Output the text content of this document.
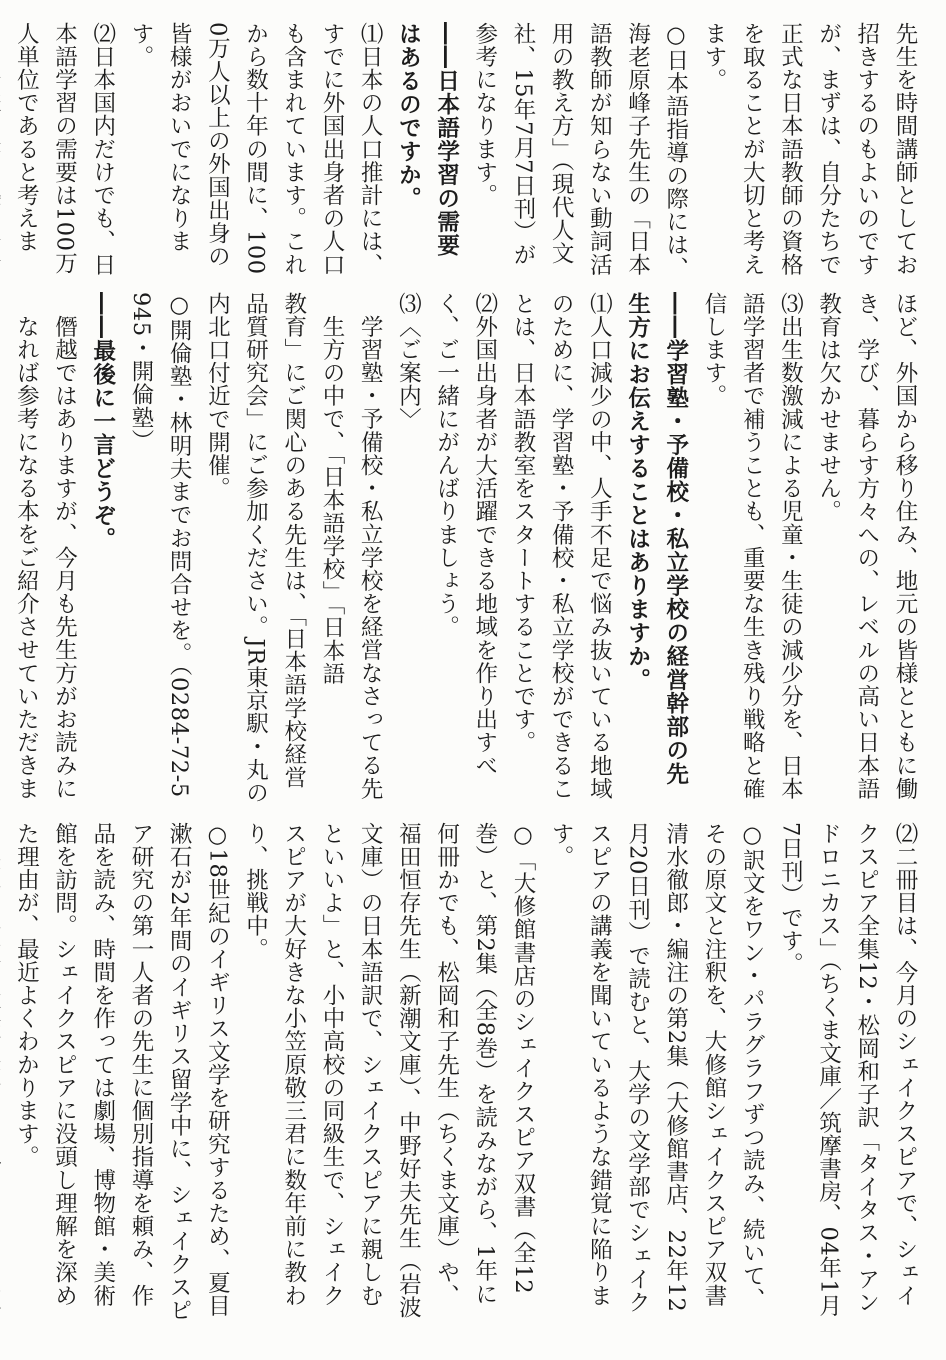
先生を時間講師としてお招きするのもよいのですが、まずは、自分たちで正式な日本語教師の資格を取ることが大切と考えます。

○日本語指導の際には、海老原峰子先生の「日本語教師が知らない動詞活用の教え方」（現代人文社、15年7月7日刊）が参考になります。

――日本語学習の需要はあるのですか。

⑴日本の人口推計には、すでに外国出身者の人口も含まれています。これから数十年の間に、1000万人以上の外国出身の皆様がおいでになります。

⑵日本国内だけでも、日本語学習の需要は100万人単位であると考えま

ほど、外国から移り住み、地元の皆様とともに働き、学び、暮らす方々への、レベルの高い日本語教育は欠かせません。

⑶出生数激減による児童・生徒の減少分を、日本語学習者で補うことも、重要な生き残り戦略と確信します。

――学習塾・予備校・私立学校の経営幹部の先生方にお伝えすることはありますか。

⑴人口減少の中、人手不足で悩み抜いている地域のために、学習塾・予備校・私立学校ができることは、日本語教室をスタートすることです。

⑵外国出身者が大活躍できる地域を作り出すべく、ご一緒にがんばりましょう。

⑶〈ご案内〉

学習塾・予備校・私立学校を経営なさってる先生方の中で、「日本語学校」「日本語

教育」にご関心のある先生は、「日本語学校経営品質研究会」にご参加ください。JR東京駅・丸の内北口付近で開催。

○開倫塾・林明夫までお問合せを。（0284-72-5945・開倫塾）

――最後に一言どうぞ。

僭越ではありますが、今月も先生方がお読みになれば参考になる本をご紹介させていただきま

⑵二冊目は、今月のシェイクスピアで、シェイクスピア全集12・松岡和子訳「タイタス・アンドロニカス」（ちくま文庫／筑摩書房、04年1月7日刊）です。

○訳文をワン・パラグラフずつ読み、続いて、その原文と注釈を、大修館シェイクスピア双書清水徹郎・編注の第2集（大修館書店、22年12月20日刊）で読むと、大学の文学部でシェイクスピアの講義を聞いているような錯覚に陥ります。

○「大修館書店のシェイクスピア双書（全12巻）と、第2集（全8巻）を読みながら、1年に何冊かでも、松岡和子先生（ちくま文庫）や、福田恒存先生（新潮文庫）、中野好夫先生（岩波文庫）の日本語訳で、シェイクスピアに親しむといいよ」と、小中高校の同級生で、シェイクスピアが大好きな小笠原敬三君に数年前に教わり、挑戦中。

○18世紀のイギリス文学を研究するため、夏目漱石が2年間のイギリス留学中に、シェイクスピア研究の第一人者の先生に個別指導を頼み、作品を読み、時間を作っては劇場、博物館・美術館を訪問。シェイクスピアに没頭し理解を深めた理由が、最近よくわかります。
